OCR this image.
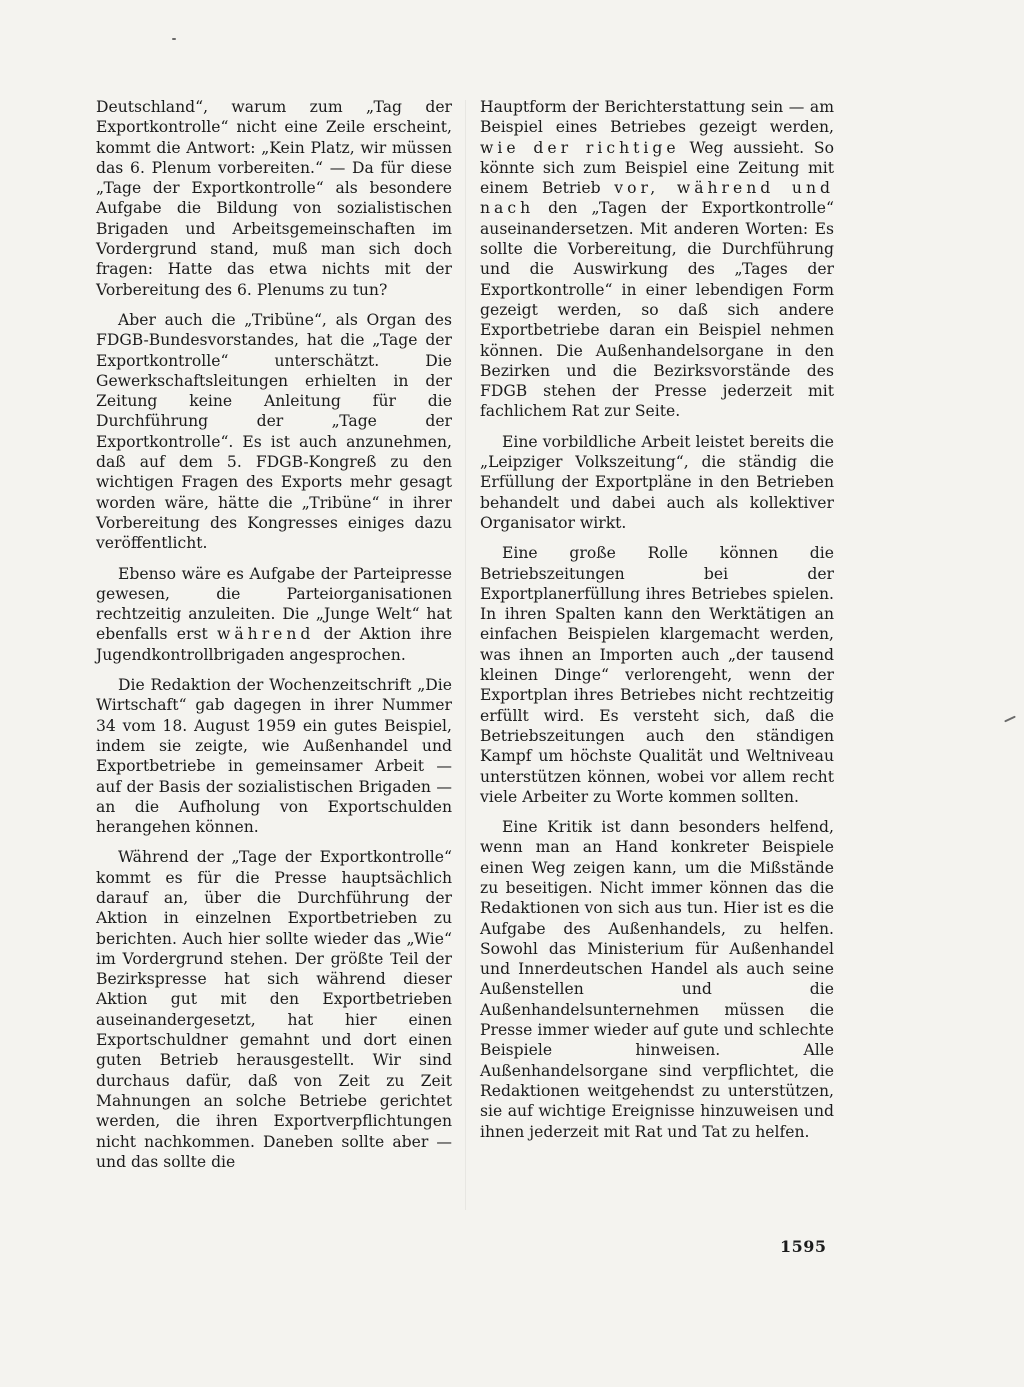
Deutschland“, warum zum „Tag der Exportkontrolle“ nicht eine Zeile erscheint, kommt die Antwort: „Kein Platz, wir müssen das 6. Plenum vorbereiten.“ — Da für diese „Tage der Exportkontrolle“ als besondere Aufgabe die Bildung von sozialistischen Brigaden und Arbeitsgemeinschaften im Vordergrund stand, muß man sich doch fragen: Hatte das etwa nichts mit der Vorbereitung des 6. Plenums zu tun?

Aber auch die „Tribüne“, als Organ des FDGB-Bundesvorstandes, hat die „Tage der Exportkontrolle“ unterschätzt. Die Gewerkschaftsleitungen erhielten in der Zeitung keine Anleitung für die Durchführung der „Tage der Exportkontrolle“. Es ist auch anzunehmen, daß auf dem 5. FDGB-Kongreß zu den wichtigen Fragen des Exports mehr gesagt worden wäre, hätte die „Tribüne“ in ihrer Vorbereitung des Kongresses einiges dazu veröffentlicht.

Ebenso wäre es Aufgabe der Parteipresse gewesen, die Parteiorganisationen rechtzeitig anzuleiten. Die „Junge Welt“ hat ebenfalls erst während der Aktion ihre Jugendkontrollbrigaden angesprochen.

Die Redaktion der Wochenzeitschrift „Die Wirtschaft“ gab dagegen in ihrer Nummer 34 vom 18. August 1959 ein gutes Beispiel, indem sie zeigte, wie Außenhandel und Exportbetriebe in gemeinsamer Arbeit — auf der Basis der sozialistischen Brigaden — an die Aufholung von Exportschulden herangehen können.

Während der „Tage der Exportkontrolle“ kommt es für die Presse hauptsächlich darauf an, über die Durchführung der Aktion in einzelnen Exportbetrieben zu berichten. Auch hier sollte wieder das „Wie“ im Vordergrund stehen. Der größte Teil der Bezirkspresse hat sich während dieser Aktion gut mit den Exportbetrieben auseinandergesetzt, hat hier einen Exportschuldner gemahnt und dort einen guten Betrieb herausgestellt. Wir sind durchaus dafür, daß von Zeit zu Zeit Mahnungen an solche Betriebe gerichtet werden, die ihren Exportverpflichtungen nicht nachkommen. Daneben sollte aber — und das sollte die

Hauptform der Berichterstattung sein — am Beispiel eines Betriebes gezeigt werden, wie der richtige Weg aussieht. So könnte sich zum Beispiel eine Zeitung mit einem Betrieb vor, während und nach den „Tagen der Exportkontrolle“ auseinandersetzen. Mit anderen Worten: Es sollte die Vorbereitung, die Durchführung und die Auswirkung des „Tages der Exportkontrolle“ in einer lebendigen Form gezeigt werden, so daß sich andere Exportbetriebe daran ein Beispiel nehmen können. Die Außenhandelsorgane in den Bezirken und die Bezirksvorstände des FDGB stehen der Presse jederzeit mit fachlichem Rat zur Seite.

Eine vorbildliche Arbeit leistet bereits die „Leipziger Volkszeitung“, die ständig die Erfüllung der Exportpläne in den Betrieben behandelt und dabei auch als kollektiver Organisator wirkt.

Eine große Rolle können die Betriebszeitungen bei der Exportplanerfüllung ihres Betriebes spielen. In ihren Spalten kann den Werktätigen an einfachen Beispielen klargemacht werden, was ihnen an Importen auch „der tausend kleinen Dinge“ verlorengeht, wenn der Exportplan ihres Betriebes nicht rechtzeitig erfüllt wird. Es versteht sich, daß die Betriebszeitungen auch den ständigen Kampf um höchste Qualität und Weltniveau unterstützen können, wobei vor allem recht viele Arbeiter zu Worte kommen sollten.

Eine Kritik ist dann besonders helfend, wenn man an Hand konkreter Beispiele einen Weg zeigen kann, um die Mißstände zu beseitigen. Nicht immer können das die Redaktionen von sich aus tun. Hier ist es die Aufgabe des Außenhandels, zu helfen. Sowohl das Ministerium für Außenhandel und Innerdeutschen Handel als auch seine Außenstellen und die Außenhandelsunternehmen müssen die Presse immer wieder auf gute und schlechte Beispiele hinweisen. Alle Außenhandelsorgane sind verpflichtet, die Redaktionen weitgehendst zu unterstützen, sie auf wichtige Ereignisse hinzuweisen und ihnen jederzeit mit Rat und Tat zu helfen.

1595
